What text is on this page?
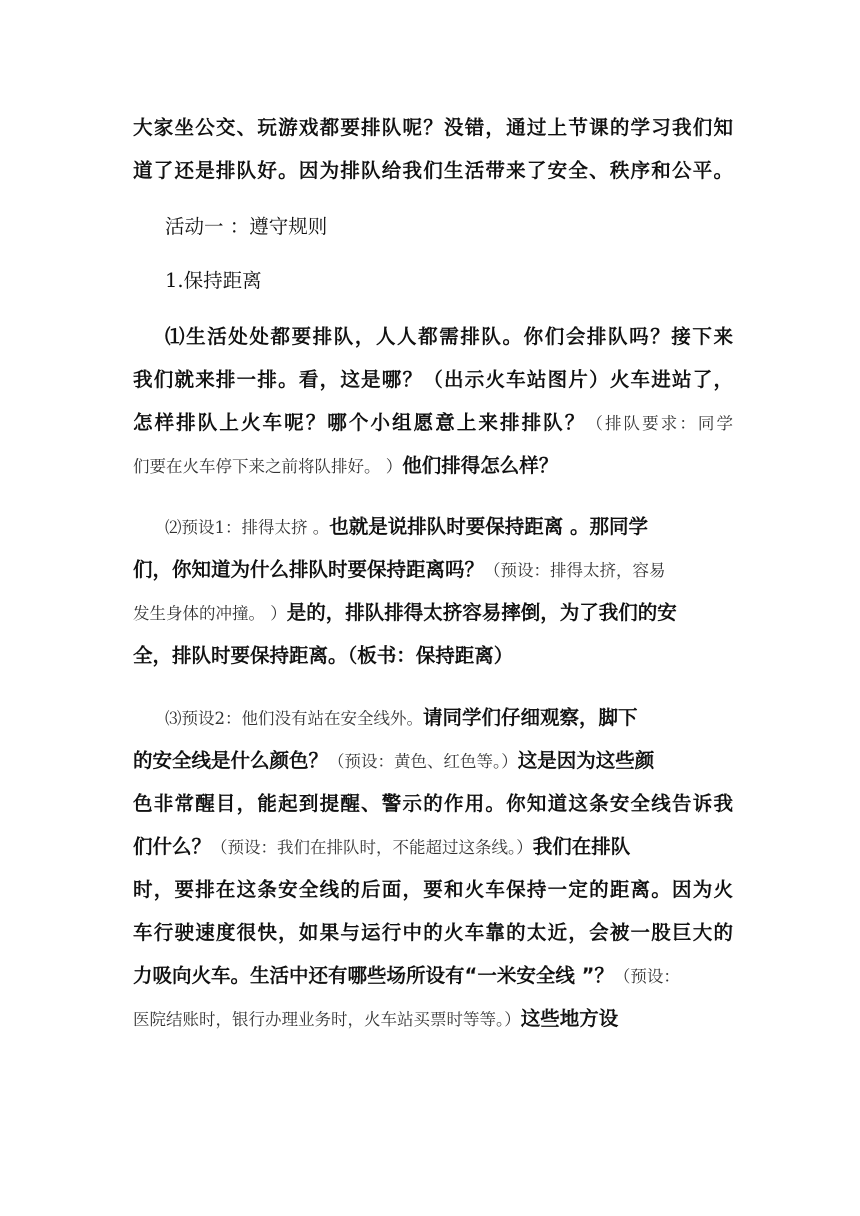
大家坐公交、玩游戏都要排队呢？没错，通过上节课的学习我们知
道了还是排队好。因为排队给我们生活带来了安全、秩序和公平。
活动一 ：遵守规则
1.保持距离
⑴生活处处都要排队，人人都需排队。你们会排队吗？接下来
我们就来排一排。看，这是哪？（出示火车站图片）火车进站了，
怎样排队上火车呢？哪个小组愿意上来排排队？（排队要求：同学
们要在火车停下来之前将队排好。 ）他们排得怎么样？
⑵预设1：排得太挤 。也就是说排队时要保持距离 。那同学
们，你知道为什么排队时要保持距离吗？（预设：排得太挤，容易
发生身体的冲撞。 ）是的，排队排得太挤容易摔倒，为了我们的安
全，排队时要保持距离。（板书：保持距离）
⑶预设2：他们没有站在安全线外。请同学们仔细观察，脚下
的安全线是什么颜色？（预设：黄色、红色等。）这是因为这些颜
色非常醒目，能起到提醒、警示的作用。你知道这条安全线告诉我
们什么？（预设：我们在排队时，不能超过这条线。）我们在排队
时，要排在这条安全线的后面，要和火车保持一定的距离。因为火
车行驶速度很快，如果与运行中的火车靠的太近，会被一股巨大的
力吸向火车。生活中还有哪些场所设有“一米安全线 ”？（预设：
医院结账时，银行办理业务时，火车站买票时等等。）这些地方设
